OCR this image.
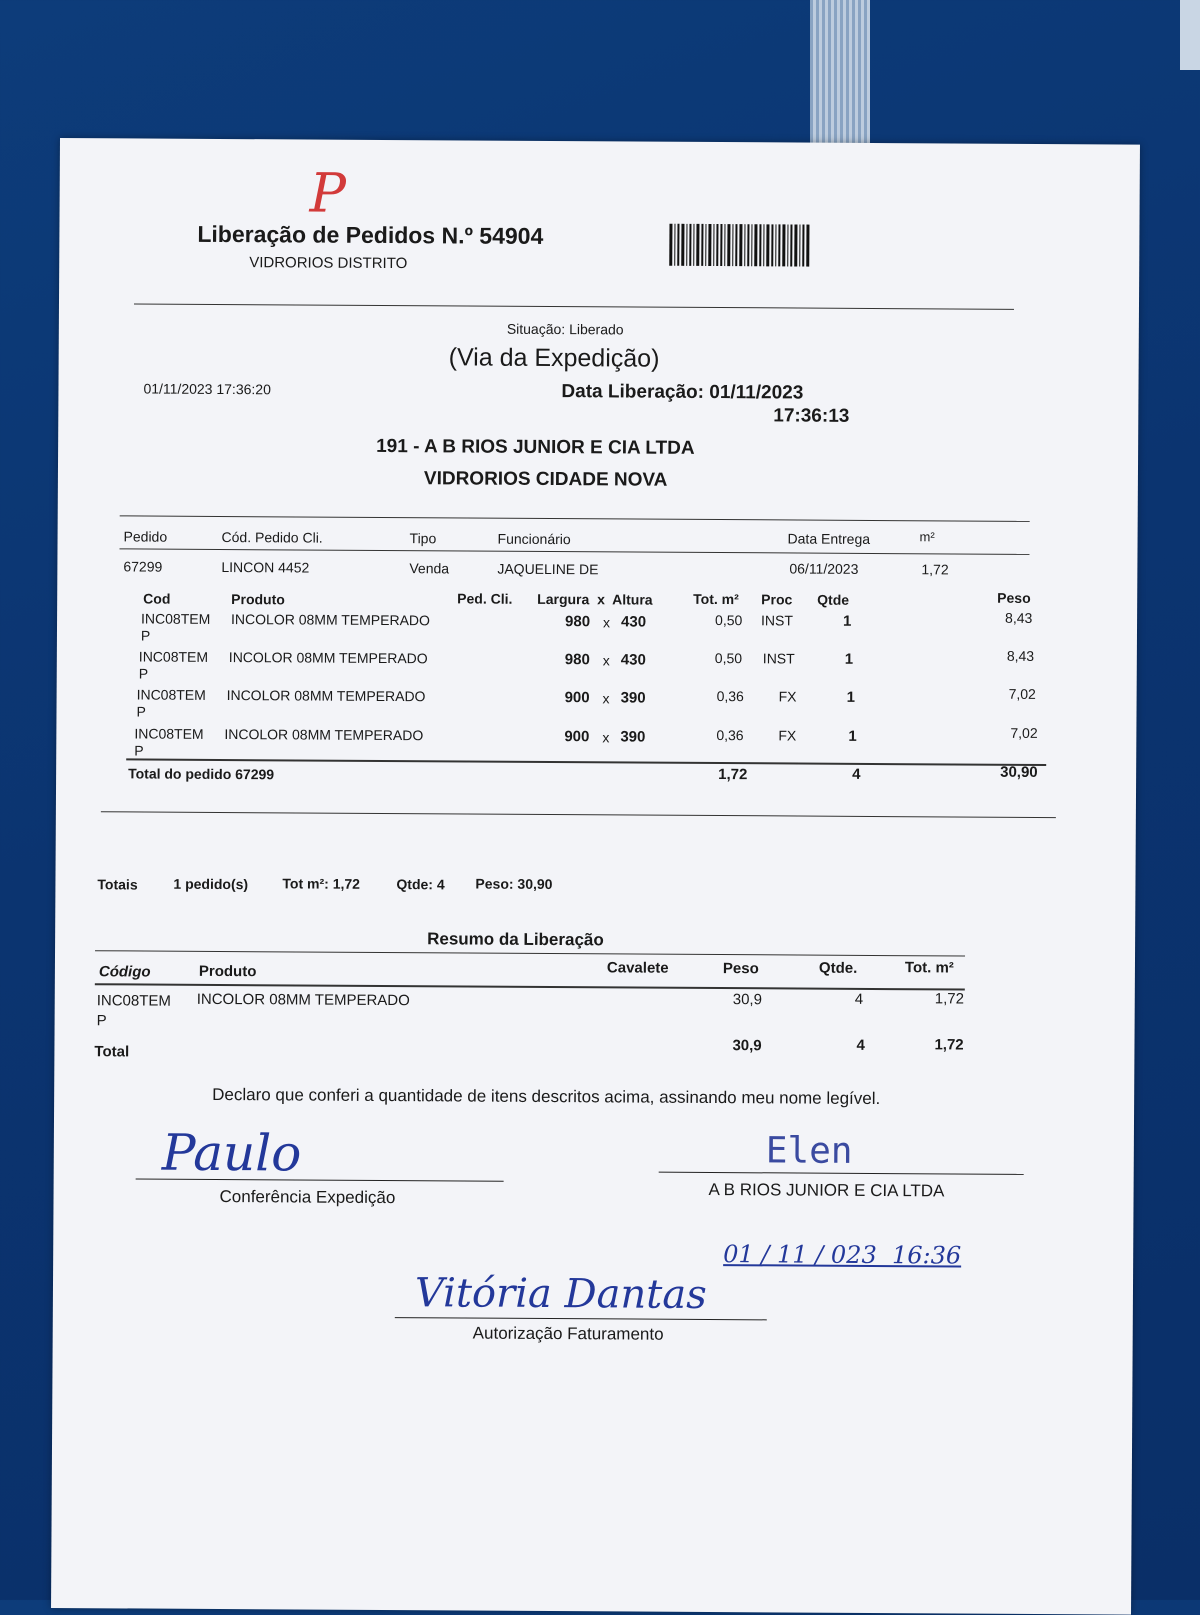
P
Liberação de Pedidos N.º 54904
VIDRORIOS DISTRITO
Situação: Liberado
(Via da Expedição)
01/11/2023 17:36:20	Data Liberação: 01/11/2023
17:36:13
191 - A B RIOS JUNIOR E CIA LTDA
VIDRORIOS CIDADE NOVA
Pedido	Cód. Pedido Cli.	Tipo	Funcionário	Data Entrega	m²
67299	LINCON 4452	Venda	JAQUELINE DE	06/11/2023	1,72
Cod	Produto	Ped. Cli. Largura  x  Altura	Tot. m² Proc Qtde	Peso
INC08TEM
P
INCOLOR 08MM TEMPERADO	980 x 430	0,50 INST	1	8,43
INC08TEM
P
INCOLOR 08MM TEMPERADO	980 x 430	0,50 INST	1	8,43
INC08TEM
P
INCOLOR 08MM TEMPERADO	900 x 390	0,36 FX	1	7,02
INC08TEM
P
INCOLOR 08MM TEMPERADO	900 x 390	0,36 FX	1	7,02
Total do pedido 67299	1,72	4	30,90
Totais	1 pedido(s) Tot m²: 1,72	Qtde: 4 Peso: 30,90
Resumo da Liberação
Código	Produto	Cavalete	Peso	Qtde.	Tot. m²
INC08TEM
P
INCOLOR 08MM TEMPERADO	30,9	4	1,72
Total	30,9	4	1,72
Declaro que conferi a quantidade de itens descritos acima, assinando meu nome legível.
Paulo
Conferência Expedição
Elen
A B RIOS JUNIOR E CIA LTDA
01 / 11 / 023  16:36
Vitória Dantas
Autorização Faturamento
